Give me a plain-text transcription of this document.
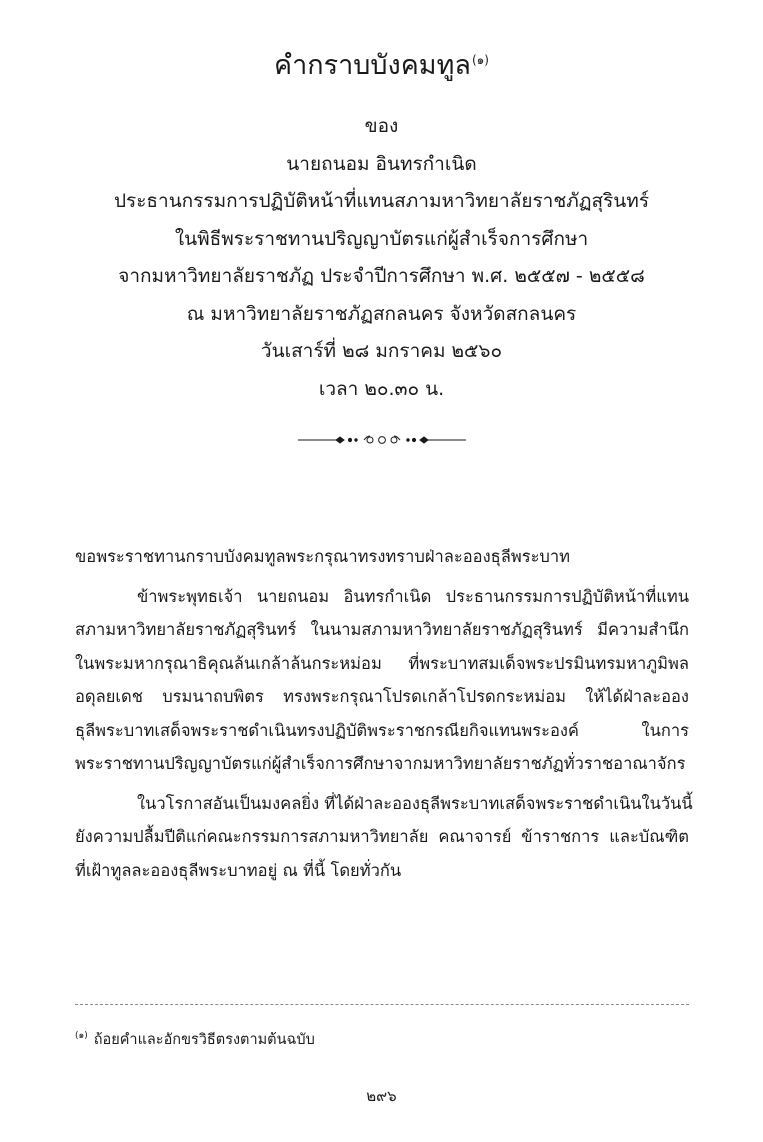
คำกราบบังคมทูล$^{(๑)}$
ของ
นายถนอม อินทรกำเนิด
ประธานกรรมการปฏิบัติหน้าที่แทนสภามหาวิทยาลัยราชภัฏสุรินทร์
ในพิธีพระราชทานปริญญาบัตรแก่ผู้สำเร็จการศึกษา
จากมหาวิทยาลัยราชภัฏ ประจำปีการศึกษา พ.ศ. ๒๕๕๗ - ๒๕๕๘
ณ มหาวิทยาลัยราชภัฏสกลนคร จังหวัดสกลนคร
วันเสาร์ที่ ๒๘ มกราคม ๒๕๖๐
เวลา ๒๐.๓๐ น.
ขอพระราชทานกราบบังคมทูลพระกรุณาทรงทราบฝ่าละอองธุลีพระบาท
ข้าพระพุทธเจ้า นายถนอม อินทรกำเนิด ประธานกรรมการปฏิบัติหน้าที่แทน
สภามหาวิทยาลัยราชภัฏสุรินทร์ ในนามสภามหาวิทยาลัยราชภัฏสุรินทร์ มีความสำนึก
ในพระมหากรุณาธิคุณล้นเกล้าล้นกระหม่อม ที่พระบาทสมเด็จพระปรมินทรมหาภูมิพล
อดุลยเดช บรมนาถบพิตร ทรงพระกรุณาโปรดเกล้าโปรดกระหม่อม ให้ได้ฝ่าละออง
ธุลีพระบาทเสด็จพระราชดำเนินทรงปฏิบัติพระราชกรณียกิจแทนพระองค์ ในการ
พระราชทานปริญญาบัตรแก่ผู้สำเร็จการศึกษาจากมหาวิทยาลัยราชภัฏทั่วราชอาณาจักร
ในวโรกาสอันเป็นมงคลยิ่ง ที่ได้ฝ่าละอองธุลีพระบาทเสด็จพระราชดำเนินในวันนี้
ยังความปลื้มปีติแก่คณะกรรมการสภามหาวิทยาลัย คณาจารย์ ข้าราชการ และบัณฑิต
ที่เฝ้าทูลละอองธุลีพระบาทอยู่ ณ ที่นี้ โดยทั่วกัน
$^{(๑)}$ ถ้อยคำและอักขรวิธีตรงตามต้นฉบับ
๒๙๖
